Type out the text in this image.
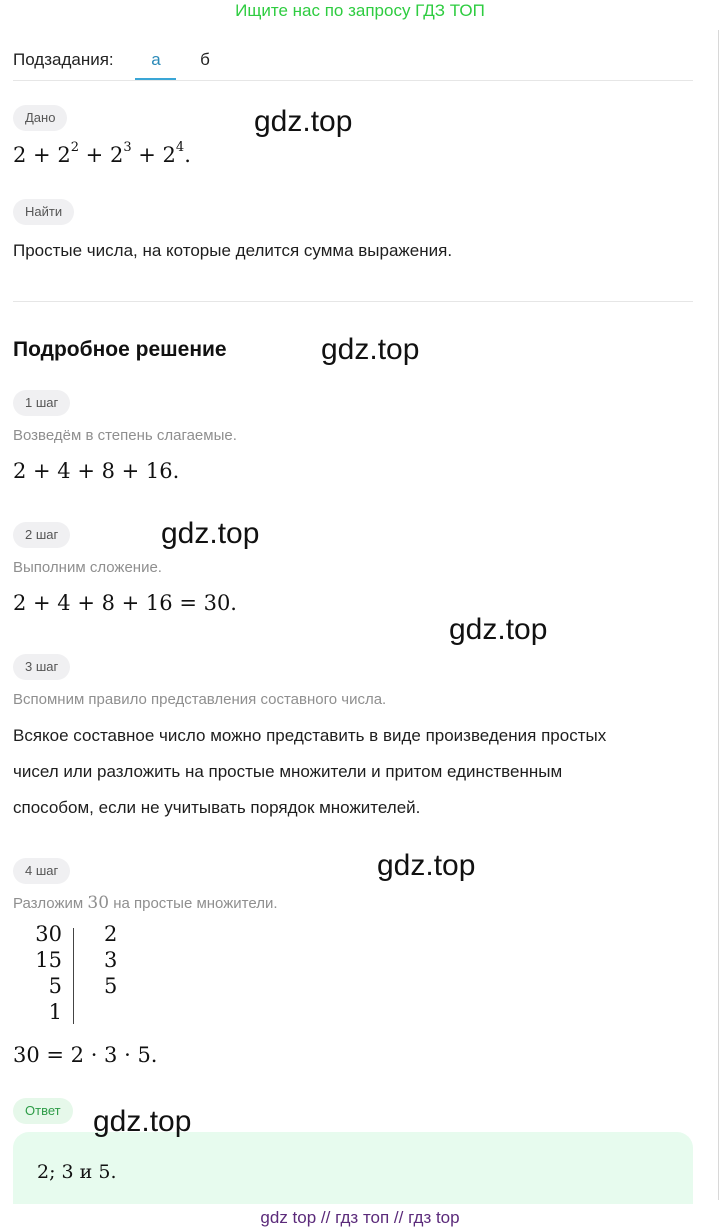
Ищите нас по запросу ГДЗ ТОП
Подзадания:	а	б
Дано
$2 + 2^2 + 2^3 + 2^4$.
Найти
Простые числа, на которые делится сумма выражения.
Подробное решение
1 шаг
Возведём в степень слагаемые.
2 + 4 + 8 + 16.
2 шаг
Выполним сложение.
2 + 4 + 8 + 16 = 30.
3 шаг
Вспомним правило представления составного числа.
Всякое составное число можно представить в виде произведения простых
чисел или разложить на простые множители и притом единственным
способом, если не учитывать порядок множителей.
4 шаг
Разложим 30 на простые множители.
30
15
5
1
2
3
5
30 = 2 · 3 · 5.
Ответ
2; 3 и 5.
gdz.top
gdz.top
gdz.top
gdz.top
gdz.top
gdz.top
gdz top // гдз топ // гдз top
